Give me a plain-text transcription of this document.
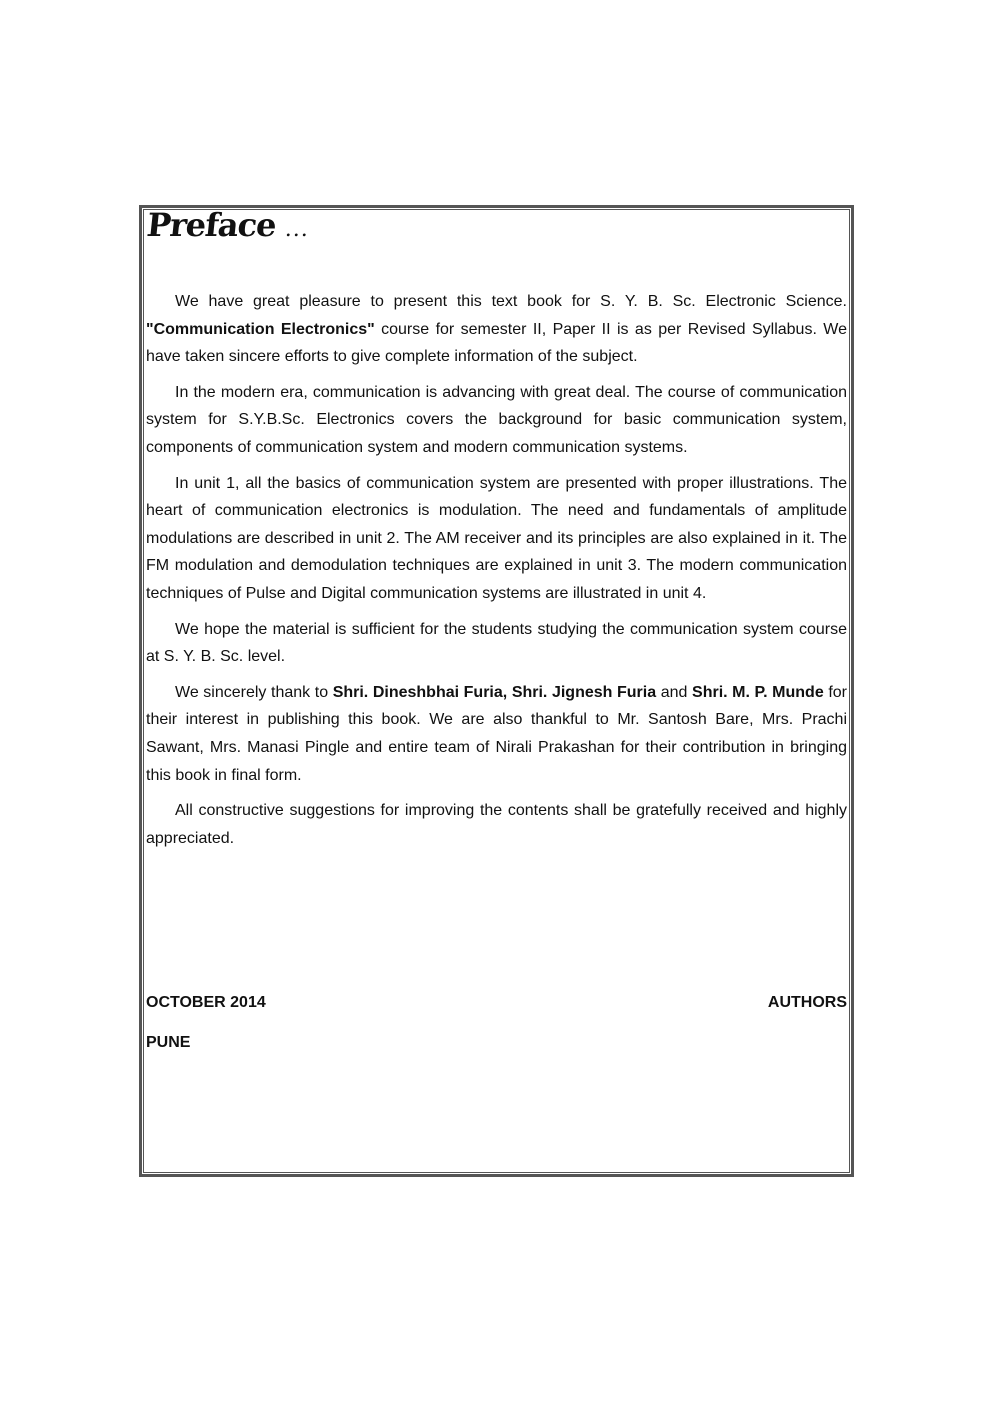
Preface ...

We have great pleasure to present this text book for S. Y. B. Sc. Electronic Science. "Communication Electronics" course for semester II, Paper II is as per Revised Syllabus. We have taken sincere efforts to give complete information of the subject.

In the modern era, communication is advancing with great deal. The course of communication system for S.Y.B.Sc. Electronics covers the background for basic communication system, components of communication system and modern communication systems.

In unit 1, all the basics of communication system are presented with proper illustrations. The heart of communication electronics is modulation. The need and fundamentals of amplitude modulations are described in unit 2. The AM receiver and its principles are also explained in it. The FM modulation and demodulation techniques are explained in unit 3. The modern communication techniques of Pulse and Digital communication systems are illustrated in unit 4.

We hope the material is sufficient for the students studying the communication system course at S. Y. B. Sc. level.

We sincerely thank to Shri. Dineshbhai Furia, Shri. Jignesh Furia and Shri. M. P. Munde for their interest in publishing this book. We are also thankful to Mr. Santosh Bare, Mrs. Prachi Sawant, Mrs. Manasi Pingle and entire team of Nirali Prakashan for their contribution in bringing this book in final form.

All constructive suggestions for improving the contents shall be gratefully received and highly appreciated.

OCTOBER 2014	AUTHORS
PUNE
